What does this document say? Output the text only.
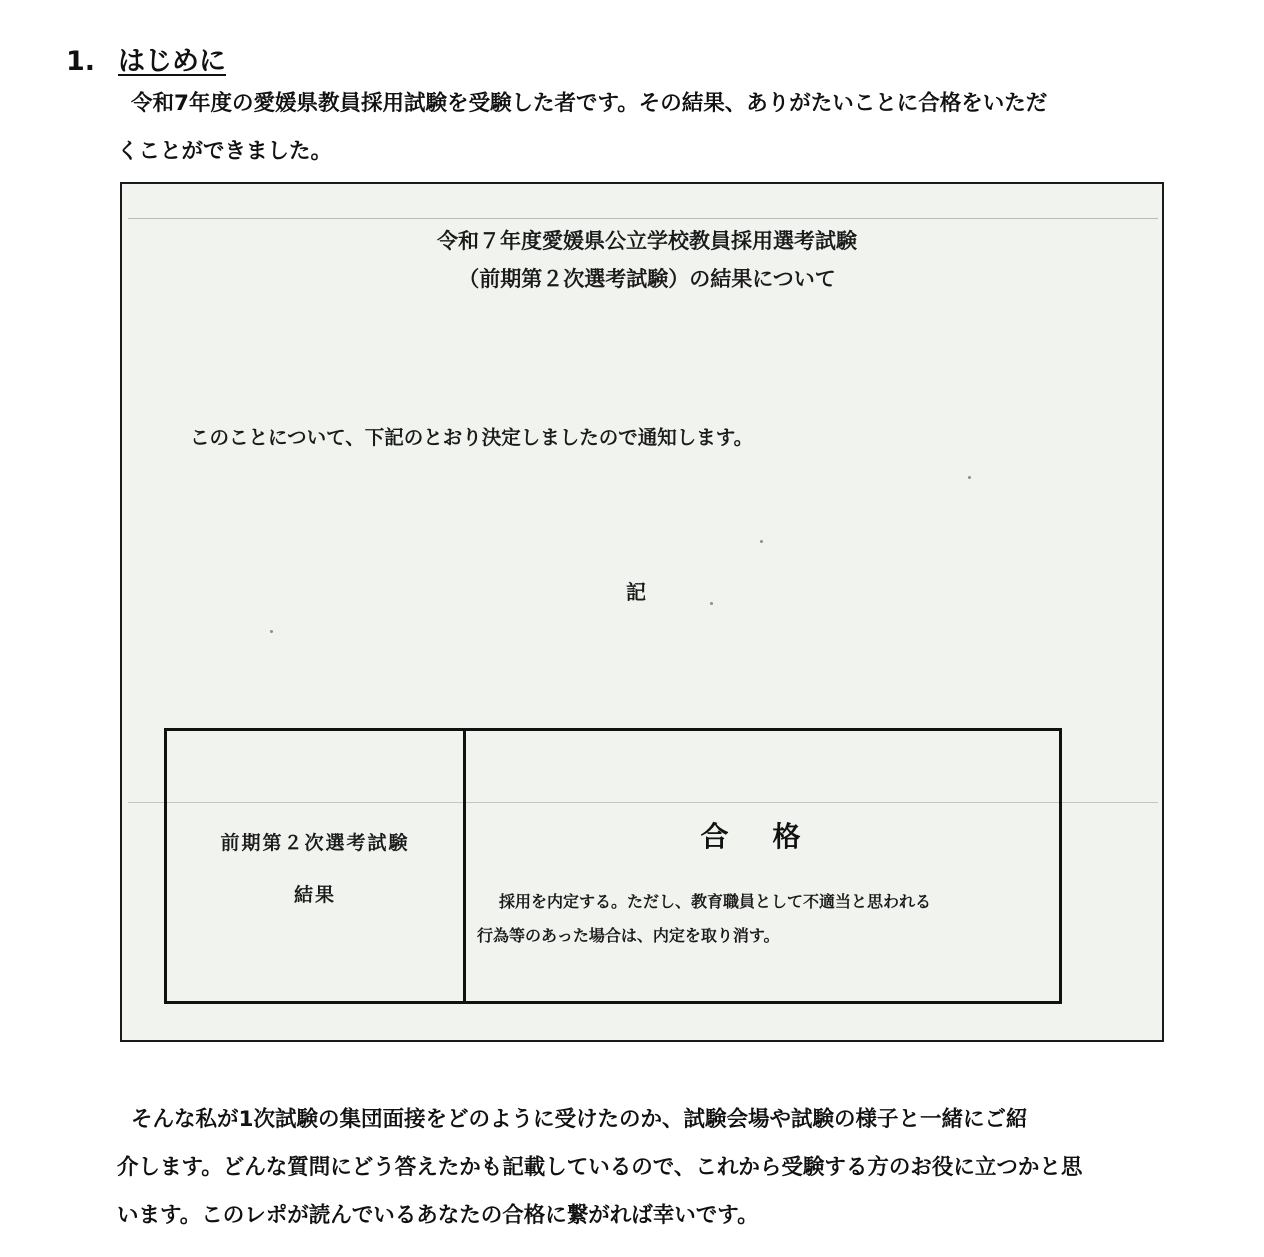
1. はじめに
令和7年度の愛媛県教員採用試験を受験した者です。その結果、ありがたいことに合格をいただ
くことができました。
令和７年度愛媛県公立学校教員採用選考試験
（前期第２次選考試験）の結果について
このことについて、下記のとおり決定しましたので通知します。
記
前期第２次選考試験
結果
合格
採用を内定する。ただし、教育職員として不適当と思われる
行為等のあった場合は、内定を取り消す。
そんな私が1次試験の集団面接をどのように受けたのか、試験会場や試験の様子と一緒にご紹
介します。どんな質問にどう答えたかも記載しているので、これから受験する方のお役に立つかと思
います。このレポが読んでいるあなたの合格に繋がれば幸いです。
